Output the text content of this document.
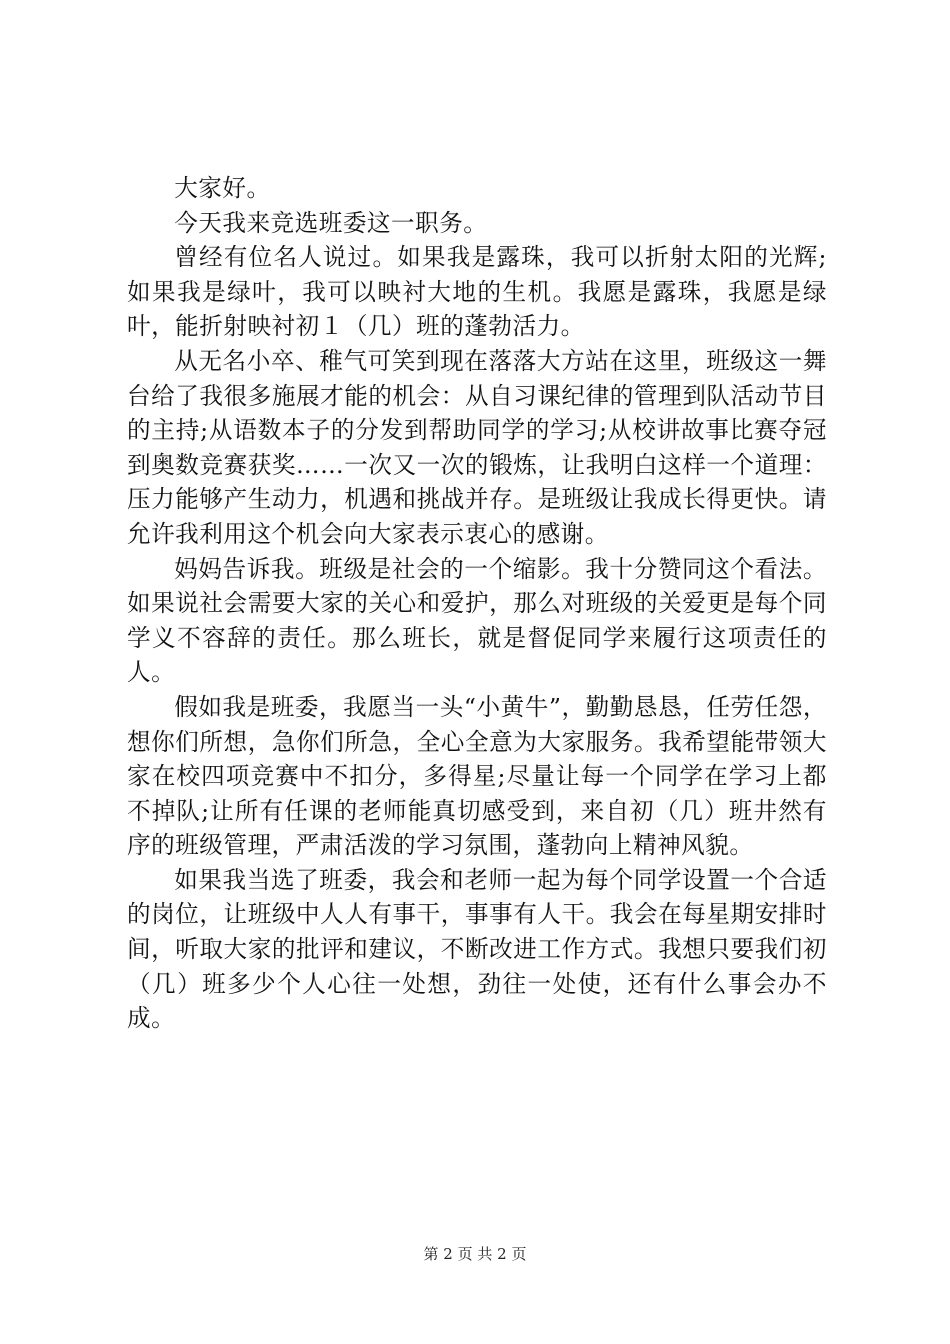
大家好。

今天我来竞选班委这一职务。

曾经有位名人说过。如果我是露珠，我可以折射太阳的光辉;如果我是绿叶，我可以映衬大地的生机。我愿是露珠，我愿是绿叶，能折射映衬初１（几）班的蓬勃活力。

从无名小卒、稚气可笑到现在落落大方站在这里，班级这一舞台给了我很多施展才能的机会：从自习课纪律的管理到队活动节目的主持;从语数本子的分发到帮助同学的学习;从校讲故事比赛夺冠到奥数竞赛获奖……一次又一次的锻炼，让我明白这样一个道理：压力能够产生动力，机遇和挑战并存。是班级让我成长得更快。请允许我利用这个机会向大家表示衷心的感谢。

妈妈告诉我。班级是社会的一个缩影。我十分赞同这个看法。如果说社会需要大家的关心和爱护，那么对班级的关爱更是每个同学义不容辞的责任。那么班长，就是督促同学来履行这项责任的人。

假如我是班委，我愿当一头“小黄牛”，勤勤恳恳，任劳任怨，想你们所想，急你们所急，全心全意为大家服务。我希望能带领大家在校四项竞赛中不扣分，多得星;尽量让每一个同学在学习上都不掉队;让所有任课的老师能真切感受到，来自初（几）班井然有序的班级管理，严肃活泼的学习氛围，蓬勃向上精神风貌。

如果我当选了班委，我会和老师一起为每个同学设置一个合适的岗位，让班级中人人有事干，事事有人干。我会在每星期安排时间，听取大家的批评和建议，不断改进工作方式。我想只要我们初（几）班多少个人心往一处想，劲往一处使，还有什么事会办不成。

第 2 页 共 2 页
